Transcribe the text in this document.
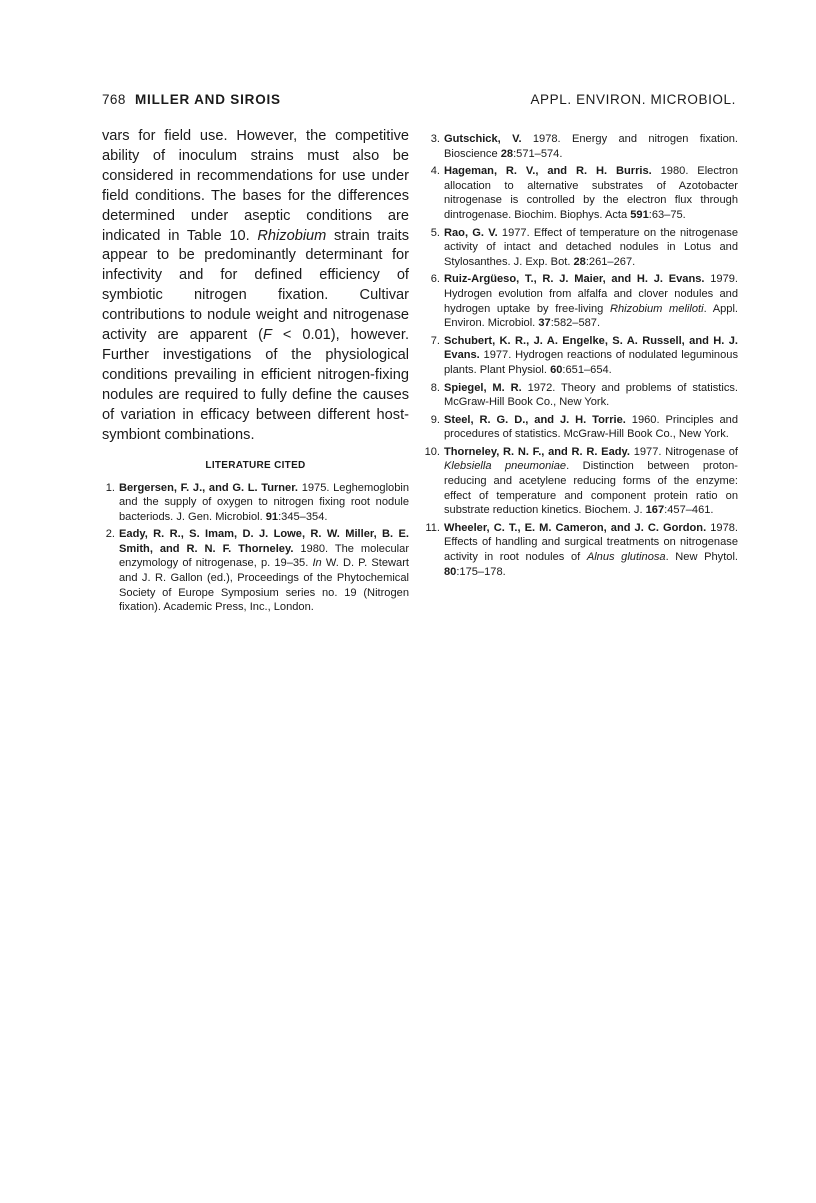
768 MILLER AND SIROIS	APPL. ENVIRON. MICROBIOL.

vars for field use. However, the competitive ability of inoculum strains must also be considered in recommendations for use under field conditions. The bases for the differences determined under aseptic conditions are indicated in Table 10. Rhizobium strain traits appear to be predominantly determinant for infectivity and for defined efficiency of symbiotic nitrogen fixation. Cultivar contributions to nodule weight and nitrogenase activity are apparent (F < 0.01), however. Further investigations of the physiological conditions prevailing in efficient nitrogen-fixing nodules are required to fully define the causes of variation in efficacy between different host-symbiont combinations.

LITERATURE CITED
1. Bergersen, F. J., and G. L. Turner. 1975. Leghemoglobin and the supply of oxygen to nitrogen fixing root nodule bacteriods. J. Gen. Microbiol. 91:345–354.
2. Eady, R. R., S. Imam, D. J. Lowe, R. W. Miller, B. E. Smith, and R. N. F. Thorneley. 1980. The molecular enzymology of nitrogenase, p. 19–35. In W. D. P. Stewart and J. R. Gallon (ed.), Proceedings of the Phytochemical Society of Europe Symposium series no. 19 (Nitrogen fixation). Academic Press, Inc., London.
3. Gutschick, V. 1978. Energy and nitrogen fixation. Bioscience 28:571–574.
4. Hageman, R. V., and R. H. Burris. 1980. Electron allocation to alternative substrates of Azotobacter nitrogenase is controlled by the electron flux through dintrogenase. Biochim. Biophys. Acta 591:63–75.
5. Rao, G. V. 1977. Effect of temperature on the nitrogenase activity of intact and detached nodules in Lotus and Stylosanthes. J. Exp. Bot. 28:261–267.
6. Ruiz-Argüeso, T., R. J. Maier, and H. J. Evans. 1979. Hydrogen evolution from alfalfa and clover nodules and hydrogen uptake by free-living Rhizobium meliloti. Appl. Environ. Microbiol. 37:582–587.
7. Schubert, K. R., J. A. Engelke, S. A. Russell, and H. J. Evans. 1977. Hydrogen reactions of nodulated leguminous plants. Plant Physiol. 60:651–654.
8. Spiegel, M. R. 1972. Theory and problems of statistics. McGraw-Hill Book Co., New York.
9. Steel, R. G. D., and J. H. Torrie. 1960. Principles and procedures of statistics. McGraw-Hill Book Co., New York.
10. Thorneley, R. N. F., and R. R. Eady. 1977. Nitrogenase of Klebsiella pneumoniae. Distinction between proton-reducing and acetylene reducing forms of the enzyme: effect of temperature and component protein ratio on substrate reduction kinetics. Biochem. J. 167:457–461.
11. Wheeler, C. T., E. M. Cameron, and J. C. Gordon. 1978. Effects of handling and surgical treatments on nitrogenase activity in root nodules of Alnus glutinosa. New Phytol. 80:175–178.
